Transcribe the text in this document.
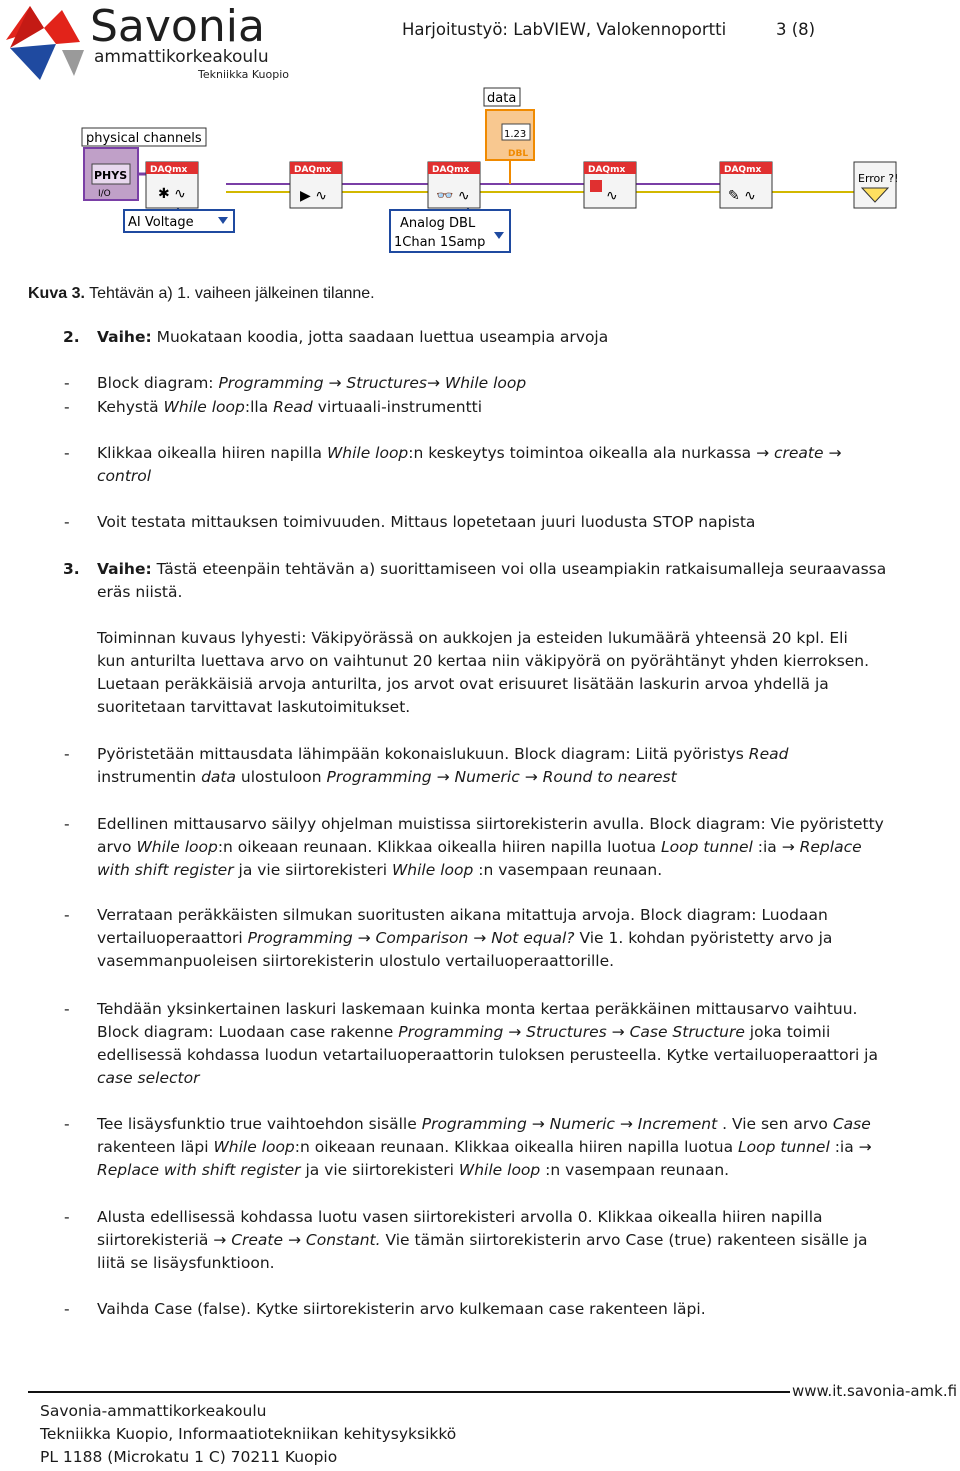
Savonia
ammattikorkeakoulu
Tekniikka Kuopio
Harjoitustyö: LabVIEW, Valokennoportti	3 (8)
physical channels
PHYS
I/O
AI Voltage
data
1.23
DBL
DAQmx
✱ ∿
DAQmx
▶ ∿
DAQmx
👓 ∿
Analog DBL
1Chan 1Samp
DAQmx
∿
DAQmx
✎ ∿
Error ?!
Kuva 3. Tehtävän a) 1. vaiheen jälkeinen tilanne.
2. Vaihe: Muokataan koodia, jotta saadaan luettua useampia arvoja
- Block diagram: Programming → Structures→ While loop
- Kehystä While loop:lla Read virtuaali-instrumentti
- Klikkaa oikealla hiiren napilla While loop:n keskeytys toimintoa oikealla ala nurkassa → create →
control
- Voit testata mittauksen toimivuuden. Mittaus lopetetaan juuri luodusta STOP napista
3. Vaihe: Tästä eteenpäin tehtävän a) suorittamiseen voi olla useampiakin ratkaisumalleja seuraavassa
eräs niistä.
Toiminnan kuvaus lyhyesti: Väkipyörässä on aukkojen ja esteiden lukumäärä yhteensä 20 kpl. Eli
kun anturilta luettava arvo on vaihtunut 20 kertaa niin väkipyörä on pyörähtänyt yhden kierroksen.
Luetaan peräkkäisiä arvoja anturilta, jos arvot ovat erisuuret lisätään laskurin arvoa yhdellä ja
suoritetaan tarvittavat laskutoimitukset.
- Pyöristetään mittausdata lähimpään kokonaislukuun. Block diagram: Liitä pyöristys Read
instrumentin data ulostuloon Programming → Numeric → Round to nearest
- Edellinen mittausarvo säilyy ohjelman muistissa siirtorekisterin avulla. Block diagram: Vie pyöristetty
arvo While loop:n oikeaan reunaan. Klikkaa oikealla hiiren napilla luotua Loop tunnel :ia → Replace
with shift register ja vie siirtorekisteri While loop :n vasempaan reunaan.
- Verrataan peräkkäisten silmukan suoritusten aikana mitattuja arvoja. Block diagram: Luodaan
vertailuoperaattori Programming → Comparison → Not equal? Vie 1. kohdan pyöristetty arvo ja
vasemmanpuoleisen siirtorekisterin ulostulo vertailuoperaattorille.
- Tehdään yksinkertainen laskuri laskemaan kuinka monta kertaa peräkkäinen mittausarvo vaihtuu.
Block diagram: Luodaan case rakenne Programming → Structures → Case Structure joka toimii
edellisessä kohdassa luodun vetartailuoperaattorin tuloksen perusteella. Kytke vertailuoperaattori ja
case selector
- Tee lisäysfunktio true vaihtoehdon sisälle Programming → Numeric → Increment . Vie sen arvo Case
rakenteen läpi While loop:n oikeaan reunaan. Klikkaa oikealla hiiren napilla luotua Loop tunnel :ia →
Replace with shift register ja vie siirtorekisteri While loop :n vasempaan reunaan.
- Alusta edellisessä kohdassa luotu vasen siirtorekisteri arvolla 0. Klikkaa oikealla hiiren napilla
siirtorekisteriä → Create → Constant. Vie tämän siirtorekisterin arvo Case (true) rakenteen sisälle ja
liitä se lisäysfunktioon.
- Vaihda Case (false). Kytke siirtorekisterin arvo kulkemaan case rakenteen läpi.
www.it.savonia-amk.fi
Savonia-ammattikorkeakoulu
Tekniikka Kuopio, Informaatiotekniikan kehitysyksikkö
PL 1188 (Microkatu 1 C) 70211 Kuopio
